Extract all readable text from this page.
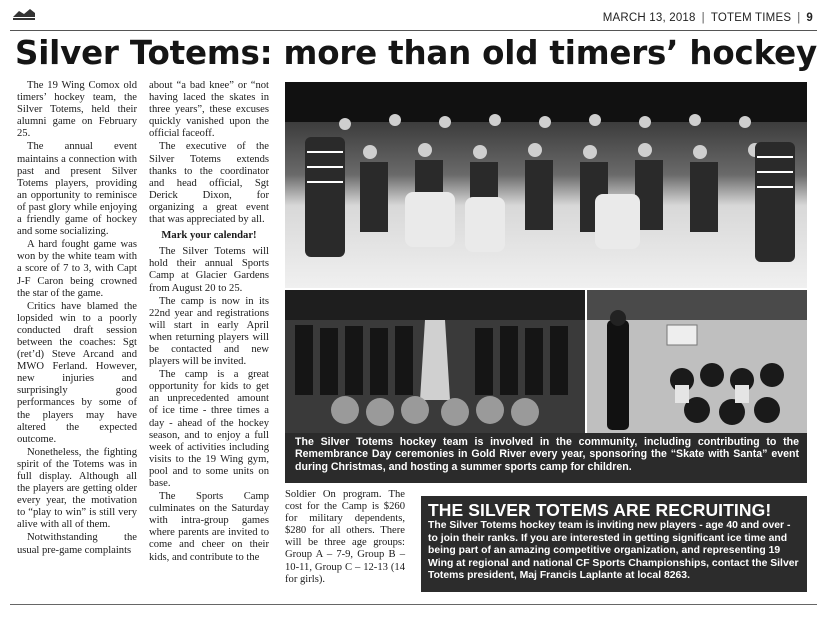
MARCH 13, 2018 | TOTEM TIMES | 9
Silver Totems: more than old timers’ hockey

The 19 Wing Comox old timers’ hockey team, the Silver Totems, held their alumni game on February 25.

The annual event maintains a connection with past and present Silver Totems players, providing an opportunity to reminisce of past glory while enjoying a friendly game of hockey and some socializing.

A hard fought game was won by the white team with a score of 7 to 3, with Capt J-F Caron being crowned the star of the game.

Critics have blamed the lopsided win to a poorly conducted draft session between the coaches: Sgt (ret’d) Steve Arcand and MWO Ferland. However, new injuries and surprisingly good performances by some of the players may have altered the expected outcome.

Nonetheless, the fighting spirit of the Totems was in full display. Although all the players are getting older every year, the motivation to “play to win” is still very alive with all of them.

Notwithstanding the usual pre-game complaints

about “a bad knee” or “not having laced the skates in three years”, these excuses quickly vanished upon the official faceoff.

The executive of the Silver Totems extends thanks to the coordinator and head official, Sgt Derick Dixon, for organizing a great event that was appreciated by all.

Mark your calendar!

The Silver Totems will hold their annual Sports Camp at Glacier Gardens from August 20 to 25.

The camp is now in its 22nd year and registrations will start in early April when returning players will be contacted and new players will be invited.

The camp is a great opportunity for kids to get an unprecedented amount of ice time - three times a day - ahead of the hockey season, and to enjoy a full week of activities including visits to the 19 Wing gym, pool and to some units on base.

The Sports Camp culminates on the Saturday with intra-group games where parents are invited to come and cheer on their kids, and contribute to the

The Silver Totems hockey team is involved in the community, including contributing to the Remembrance Day ceremonies in Gold River every year, sponsoring the “Skate with Santa” event during Christmas, and hosting a summer sports camp for children.

Soldier On program. The cost for the Camp is $260 for military dependents, $280 for all others. There will be three age groups: Group A – 7-9, Group B – 10-11, Group C – 12-13 (14 for girls).

THE SILVER TOTEMS ARE RECRUITING!
The Silver Totems hockey team is inviting new players - age 40 and over - to join their ranks. If you are interested in getting significant ice time and being part of an amazing competitive organization, and representing 19 Wing at regional and national CF Sports Championships, contact the Silver Totems president, Maj Francis Laplante at local 8263.
